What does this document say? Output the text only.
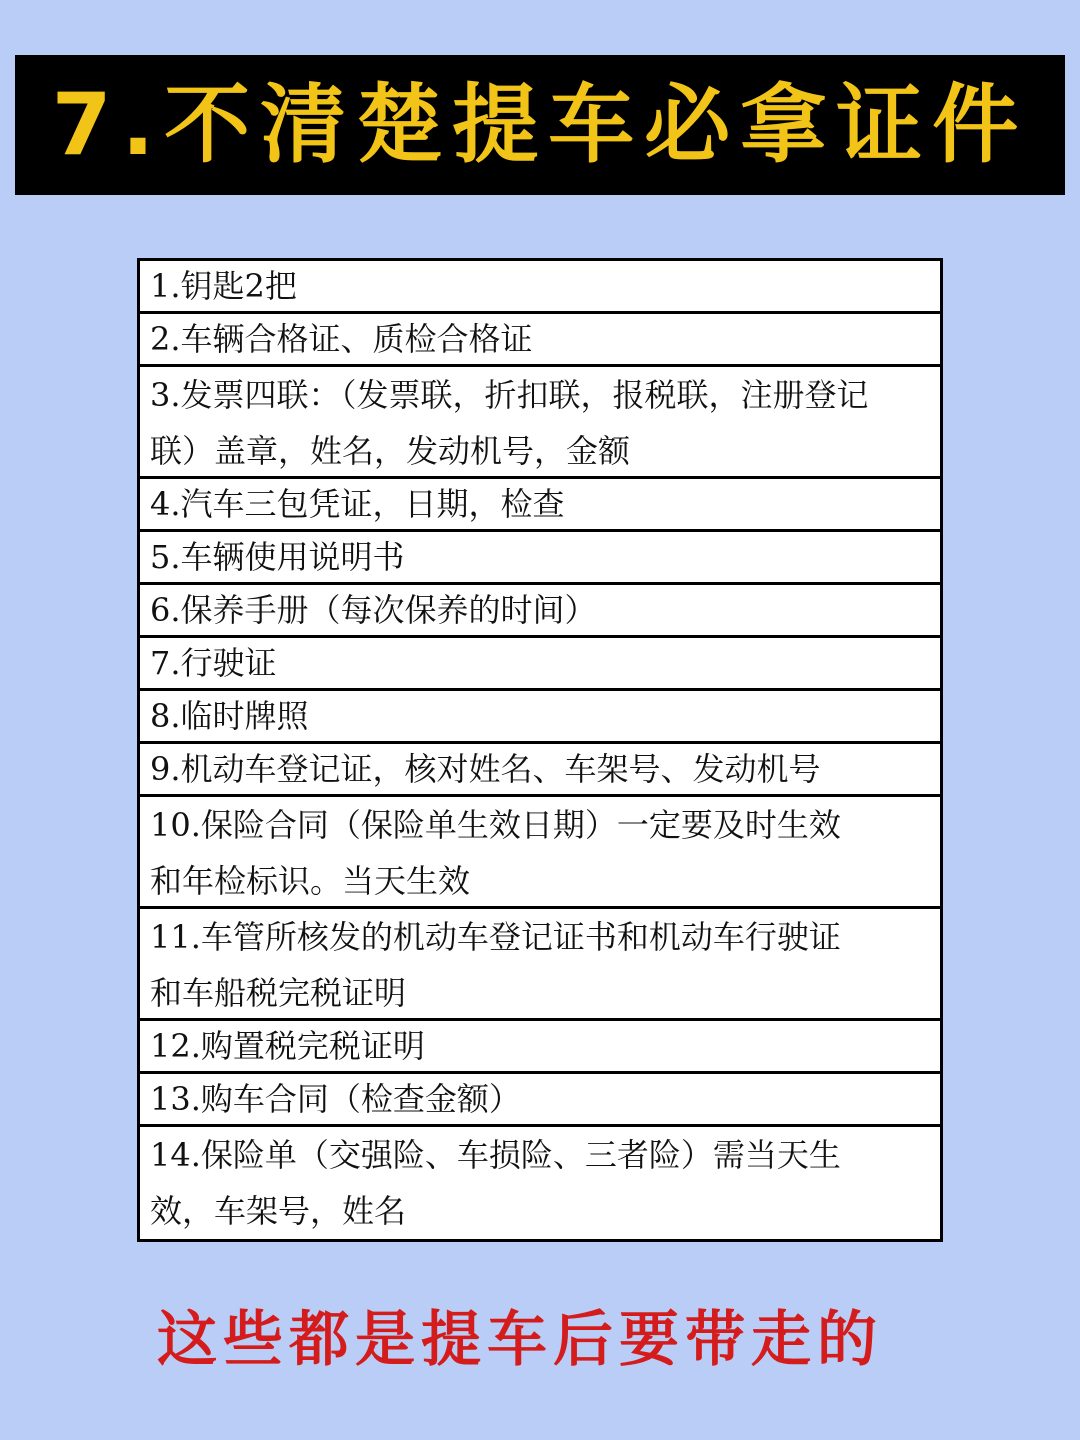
7.不清楚提车必拿证件
1.钥匙2把
2.车辆合格证、质检合格证
3.发票四联：（发票联，折扣联，报税联，注册登记联）盖章，姓名，发动机号，金额
4.汽车三包凭证，日期，检查
5.车辆使用说明书
6.保养手册（每次保养的时间）
7.行驶证
8.临时牌照
9.机动车登记证，核对姓名、车架号、发动机号
10.保险合同（保险单生效日期）一定要及时生效和年检标识。当天生效
11.车管所核发的机动车登记证书和机动车行驶证和车船税完税证明
12.购置税完税证明
13.购车合同（检查金额）
14.保险单（交强险、车损险、三者险）需当天生效，车架号，姓名
这些都是提车后要带走的
